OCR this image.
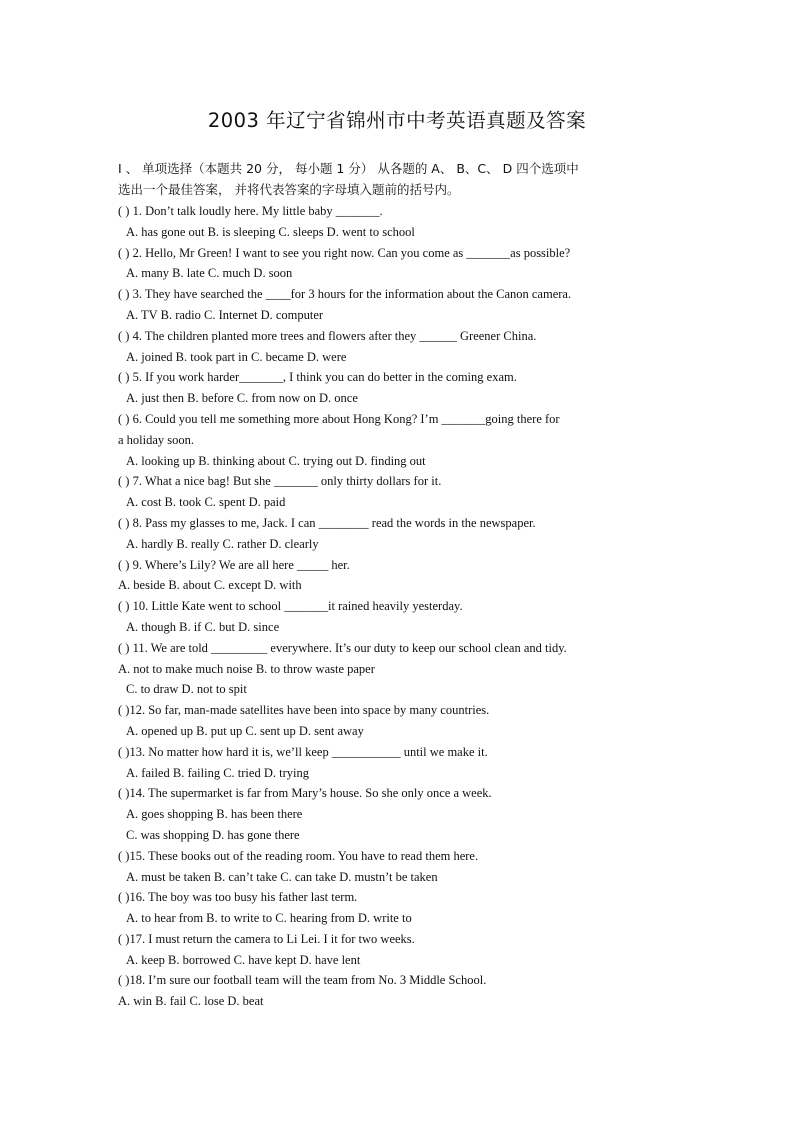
2003 年辽宁省锦州市中考英语真题及答案
I 、 单项选择（本题共 20 分， 每小题 1 分） 从各题的 A、 B、C、 D 四个选项中
选出一个最佳答案， 并将代表答案的字母填入题前的括号内。
( ) 1. Don’t talk loudly here. My little baby _______.
A. has gone out B. is sleeping C. sleeps D. went to school
( ) 2. Hello, Mr Green! I want to see you right now. Can you come as _______as possible?
A. many B. late C. much D. soon
( ) 3. They have searched the ____for 3 hours for the information about the Canon camera.
A. TV B. radio C. Internet D. computer
( ) 4. The children planted more trees and flowers after they ______ Greener China.
A. joined B. took part in C. became D. were
( ) 5. If you work harder_______, I think you can do better in the coming exam.
A. just then B. before C. from now on D. once
( ) 6. Could you tell me something more about Hong Kong? I’m _______going there for
a holiday soon.
A. looking up B. thinking about C. trying out D. finding out
( ) 7. What a nice bag! But she _______ only thirty dollars for it.
A. cost B. took C. spent D. paid
( ) 8. Pass my glasses to me, Jack. I can ________ read the words in the newspaper.
A. hardly B. really C. rather D. clearly
( ) 9. Where’s Lily? We are all here _____ her.
A. beside B. about C. except D. with
( ) 10. Little Kate went to school _______it rained heavily yesterday.
A. though B. if C. but D. since
( ) 11. We are told _________ everywhere. It’s our duty to keep our school clean and tidy.
A. not to make much noise B. to throw waste paper
C. to draw D. not to spit
( )12. So far, man-made satellites have been into space by many countries.
A. opened up B. put up C. sent up D. sent away
( )13. No matter how hard it is, we’ll keep ___________ until we make it.
A. failed B. failing C. tried D. trying
( )14. The supermarket is far from Mary’s house. So she only once a week.
A. goes shopping B. has been there
C. was shopping D. has gone there
( )15. These books out of the reading room. You have to read them here.
A. must be taken B. can’t take C. can take D. mustn’t be taken
( )16. The boy was too busy his father last term.
A. to hear from B. to write to C. hearing from D. write to
( )17. I must return the camera to Li Lei. I it for two weeks.
A. keep B. borrowed C. have kept D. have lent
( )18. I’m sure our football team will the team from No. 3 Middle School.
A. win B. fail C. lose D. beat
